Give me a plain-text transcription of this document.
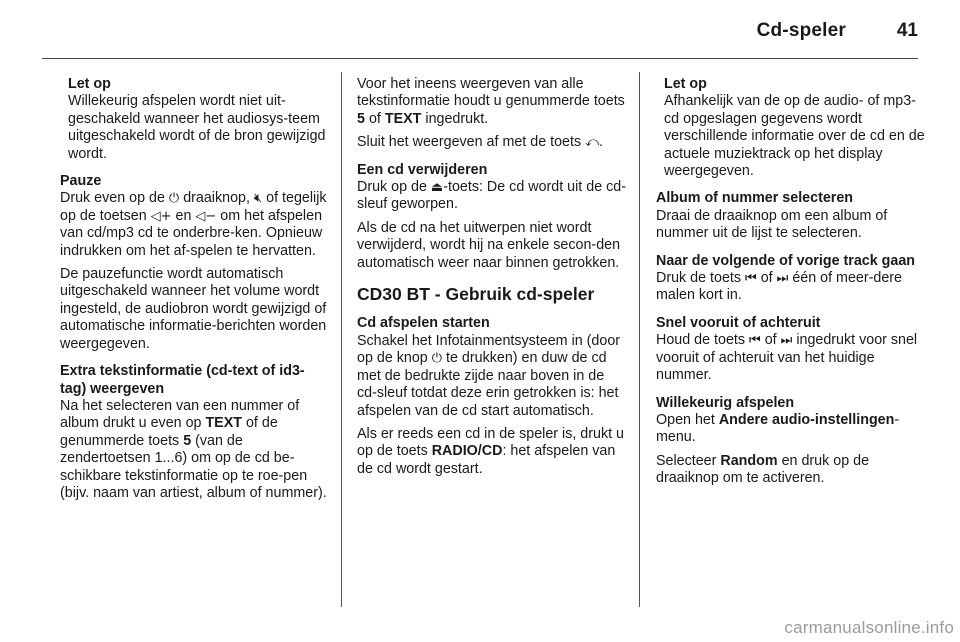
Cd-speler	41
Let op
Willekeurig afspelen wordt niet uit-geschakeld wanneer het audiosys-teem uitgeschakeld wordt of de bron gewijzigd wordt.
Pauze

Druk even op de ⏻ draaiknop, 🔇︎ of tegelijk op de toetsen ◁+ en ◁− om het afspelen van cd/mp3 cd te onderbre-ken. Opnieuw indrukken om het af-spelen te hervatten.

De pauzefunctie wordt automatisch uitgeschakeld wanneer het volume wordt ingesteld, de audiobron wordt gewijzigd of automatische informatie-berichten worden weergegeven.

Extra tekstinformatie (cd-text of id3-tag) weergeven

Na het selecteren van een nummer of album drukt u even op TEXT of de genummerde toets 5 (van de zendertoetsen 1...6) om op de cd be-schikbare tekstinformatie op te roe-pen (bijv. naam van artiest, album of nummer).

Voor het ineens weergeven van alle tekstinformatie houdt u genummerde toets 5 of TEXT ingedrukt.

Sluit het weergeven af met de toets ⤺.

Een cd verwijderen

Druk op de ⏏-toets: De cd wordt uit de cd-sleuf geworpen.

Als de cd na het uitwerpen niet wordt verwijderd, wordt hij na enkele secon-den automatisch weer naar binnen getrokken.

CD30 BT - Gebruik cd-speler
Cd afspelen starten

Schakel het Infotainmentsysteem in (door op de knop ⏻ te drukken) en duw de cd met de bedrukte zijde naar boven in de cd-sleuf totdat deze erin getrokken is: het afspelen van de cd start automatisch.

Als er reeds een cd in de speler is, drukt u op de toets RADIO/CD: het afspelen van de cd wordt gestart.

Let op
Afhankelijk van de op de audio- of mp3-cd opgeslagen gegevens wordt verschillende informatie over de cd en de actuele muziektrack op het display weergegeven.
Album of nummer selecteren

Draai de draaiknop om een album of nummer uit de lijst te selecteren.

Naar de volgende of vorige track gaan

Druk de toets ⏮ of ⏭ één of meer-dere malen kort in.

Snel vooruit of achteruit

Houd de toets ⏮ of ⏭ ingedrukt voor snel vooruit of achteruit van het huidige nummer.

Willekeurig afspelen

Open het Andere audio-instellingen-menu.

Selecteer Random en druk op de draaiknop om te activeren.

carmanualsonline.info
